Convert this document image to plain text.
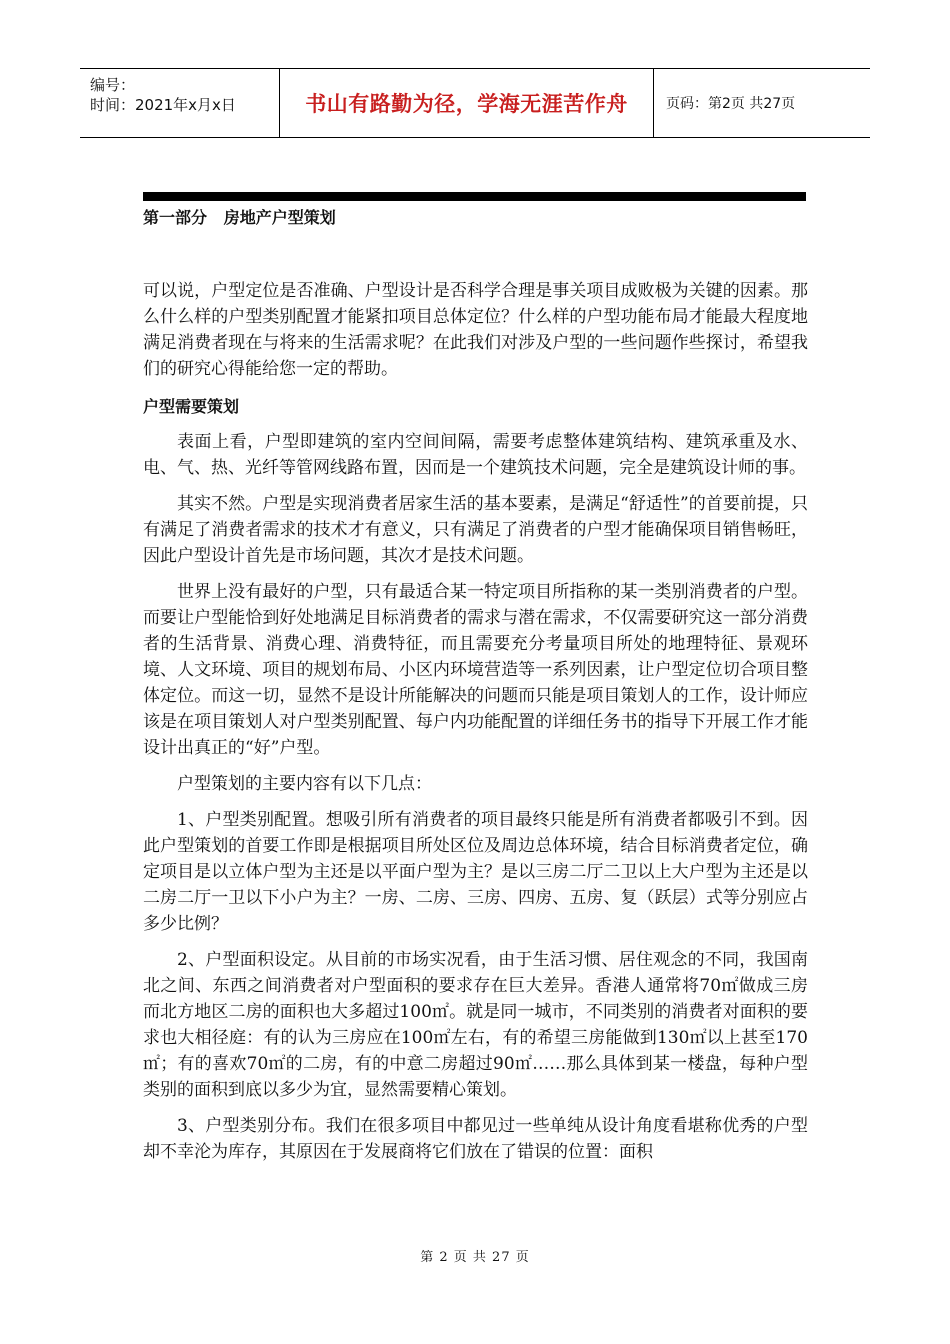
编号：
时间：2021年x月x日	书山有路勤为径，学海无涯苦作舟	页码：第2页 共27页
第一部分   房地产户型策划

可以说，户型定位是否准确、户型设计是否科学合理是事关项目成败极为关键的因素。那么什么样的户型类别配置才能紧扣项目总体定位？什么样的户型功能布局才能最大程度地满足消费者现在与将来的生活需求呢？在此我们对涉及户型的一些问题作些探讨，希望我们的研究心得能给您一定的帮助。

户型需要策划

表面上看，户型即建筑的室内空间间隔，需要考虑整体建筑结构、建筑承重及水、电、气、热、光纤等管网线路布置，因而是一个建筑技术问题，完全是建筑设计师的事。

其实不然。户型是实现消费者居家生活的基本要素，是满足“舒适性”的首要前提，只有满足了消费者需求的技术才有意义，只有满足了消费者的户型才能确保项目销售畅旺，因此户型设计首先是市场问题，其次才是技术问题。

世界上没有最好的户型，只有最适合某一特定项目所指称的某一类别消费者的户型。而要让户型能恰到好处地满足目标消费者的需求与潜在需求，不仅需要研究这一部分消费者的生活背景、消费心理、消费特征，而且需要充分考量项目所处的地理特征、景观环境、人文环境、项目的规划布局、小区内环境营造等一系列因素，让户型定位切合项目整体定位。而这一切，显然不是设计所能解决的问题而只能是项目策划人的工作，设计师应该是在项目策划人对户型类别配置、每户内功能配置的详细任务书的指导下开展工作才能设计出真正的“好”户型。

户型策划的主要内容有以下几点：

1、户型类别配置。想吸引所有消费者的项目最终只能是所有消费者都吸引不到。因此户型策划的首要工作即是根据项目所处区位及周边总体环境，结合目标消费者定位，确定项目是以立体户型为主还是以平面户型为主？是以三房二厅二卫以上大户型为主还是以二房二厅一卫以下小户为主？一房、二房、三房、四房、五房、复（跃层）式等分别应占多少比例？

2、户型面积设定。从目前的市场实况看，由于生活习惯、居住观念的不同，我国南北之间、东西之间消费者对户型面积的要求存在巨大差异。香港人通常将70㎡做成三房而北方地区二房的面积也大多超过100㎡。就是同一城市，不同类别的消费者对面积的要求也大相径庭：有的认为三房应在100㎡左右，有的希望三房能做到130㎡以上甚至170㎡；有的喜欢70㎡的二房，有的中意二房超过90㎡……那么具体到某一楼盘，每种户型类别的面积到底以多少为宜，显然需要精心策划。

3、户型类别分布。我们在很多项目中都见过一些单纯从设计角度看堪称优秀的户型却不幸沦为库存，其原因在于发展商将它们放在了错误的位置：面积

第 2 页 共 27 页
